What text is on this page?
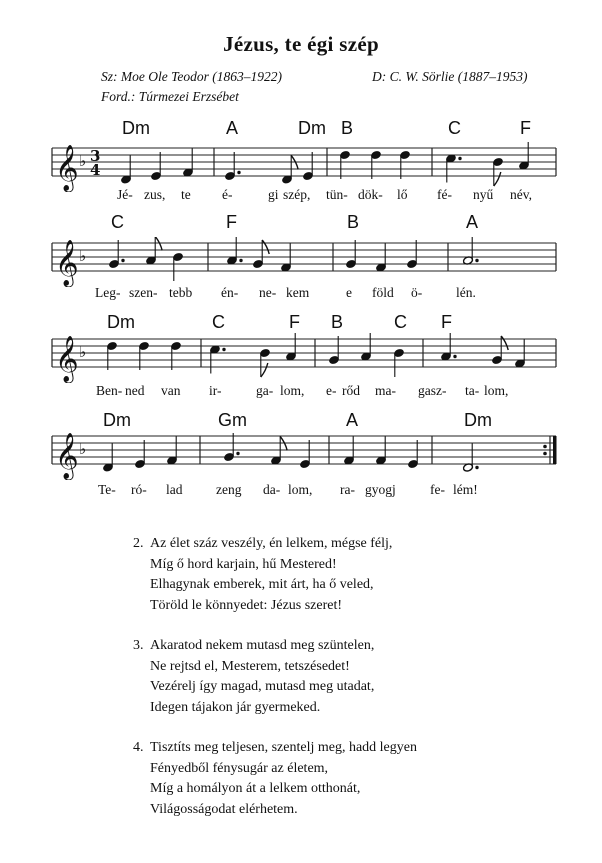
Jézus, te égi szép
Sz: Moe Ole Teodor (1863–1922)	D: C. W. Sörlie (1887–1953)
Ford.: Túrmezei Erzsébet
Dm	A	Dm B	C	F
𝄞 ♭ 3
4
Jé- zus, te é-	gi szép, tün- dök- lő fé- nyű név,
C	F	B	A
𝄞 ♭
Leg- szen- tebb én- ne- kem	e föld ö-	lén.
Dm	C	F B	C F
𝄞 ♭
Ben- ned van ir-	ga- lom, e- rőd ma- gasz- ta- lom,
Dm	Gm	A	Dm
𝄞 ♭
Te- ró- lad zeng da- lom, ra- gyogj	fe- lém!
2. Az élet száz veszély, én lelkem, mégse félj,
Míg ő hord karjain, hű Mestered!
Elhagynak emberek, mit árt, ha ő veled,
Töröld le könnyedet: Jézus szeret!
3. Akaratod nekem mutasd meg szüntelen,
Ne rejtsd el, Mesterem, tetszésedet!
Vezérelj így magad, mutasd meg utadat,
Idegen tájakon jár gyermeked.
4. Tisztíts meg teljesen, szentelj meg, hadd legyen
Fényedből fénysugár az életem,
Míg a homályon át a lelkem otthonát,
Világosságodat elérhetem.
